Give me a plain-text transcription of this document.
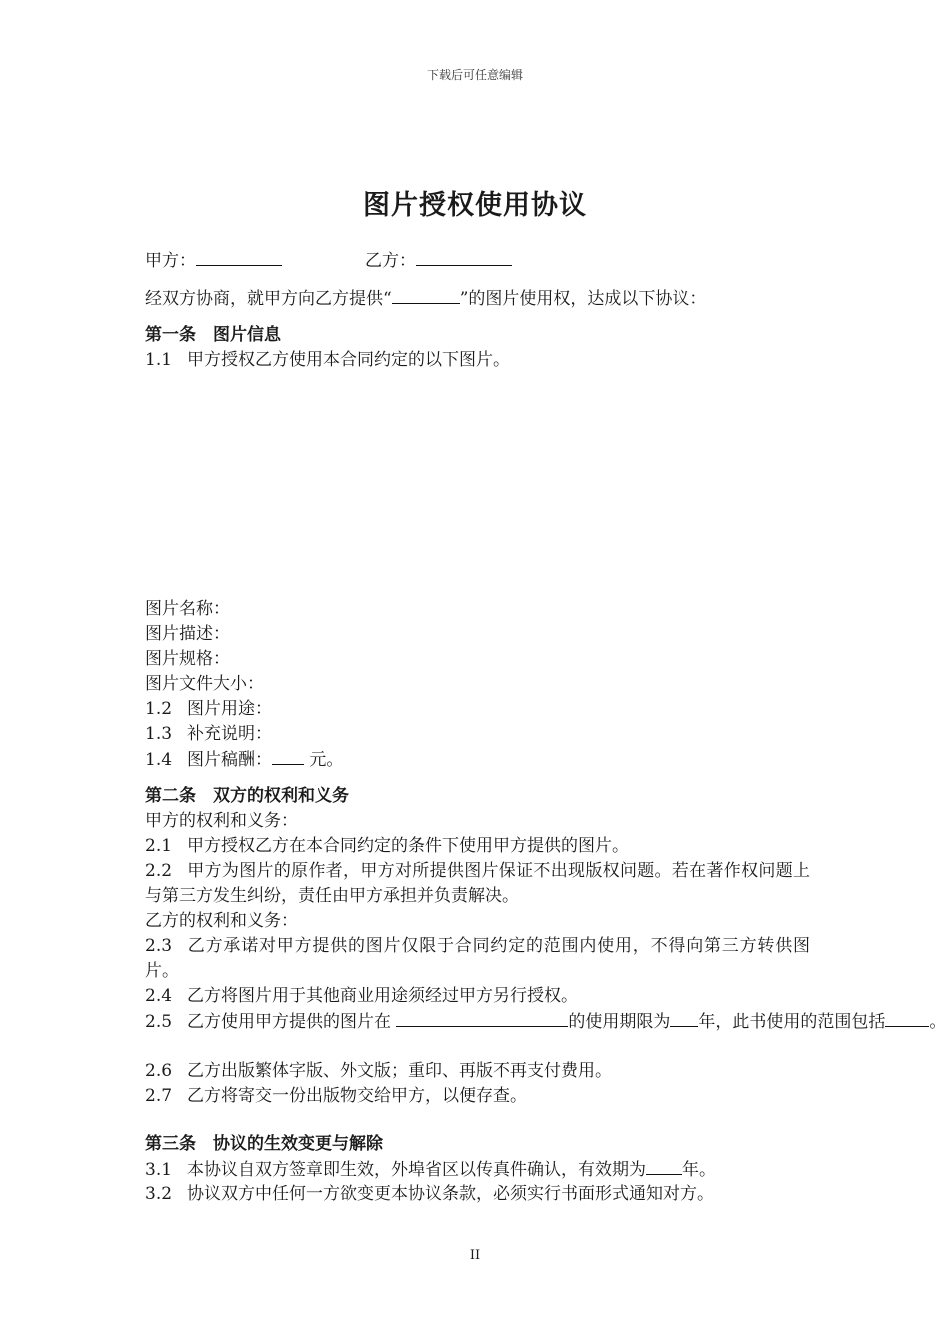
下载后可任意编辑
图片授权使用协议
甲方：	乙方：
经双方协商，就甲方向乙方提供“	”的图片使用权，达成以下协议：
第一条　图片信息
1.1 甲方授权乙方使用本合同约定的以下图片。
图片名称：
图片描述：
图片规格：
图片文件大小：
1.2 图片用途：
1.3 补充说明：
1.4 图片稿酬： 元。
第二条　双方的权利和义务
甲方的权利和义务：
2.1 甲方授权乙方在本合同约定的条件下使用甲方提供的图片。
2.2 甲方为图片的原作者，甲方对所提供图片保证不出现版权问题。若在著作权问题上与第三方发生纠纷，责任由甲方承担并负责解决。
乙方的权利和义务：
2.3 乙方承诺对甲方提供的图片仅限于合同约定的范围内使用，不得向第三方转供图片。
2.4 乙方将图片用于其他商业用途须经过甲方另行授权。
2.5 乙方使用甲方提供的图片在	的使用期限为 年，此书使用的范围包括	。
2.6 乙方出版繁体字版、外文版；重印、再版不再支付费用。
2.7 乙方将寄交一份出版物交给甲方，以便存查。
第三条　协议的生效变更与解除
3.1 本协议自双方签章即生效，外埠省区以传真件确认，有效期为 年。
3.2 协议双方中任何一方欲变更本协议条款，必须实行书面形式通知对方。
II
